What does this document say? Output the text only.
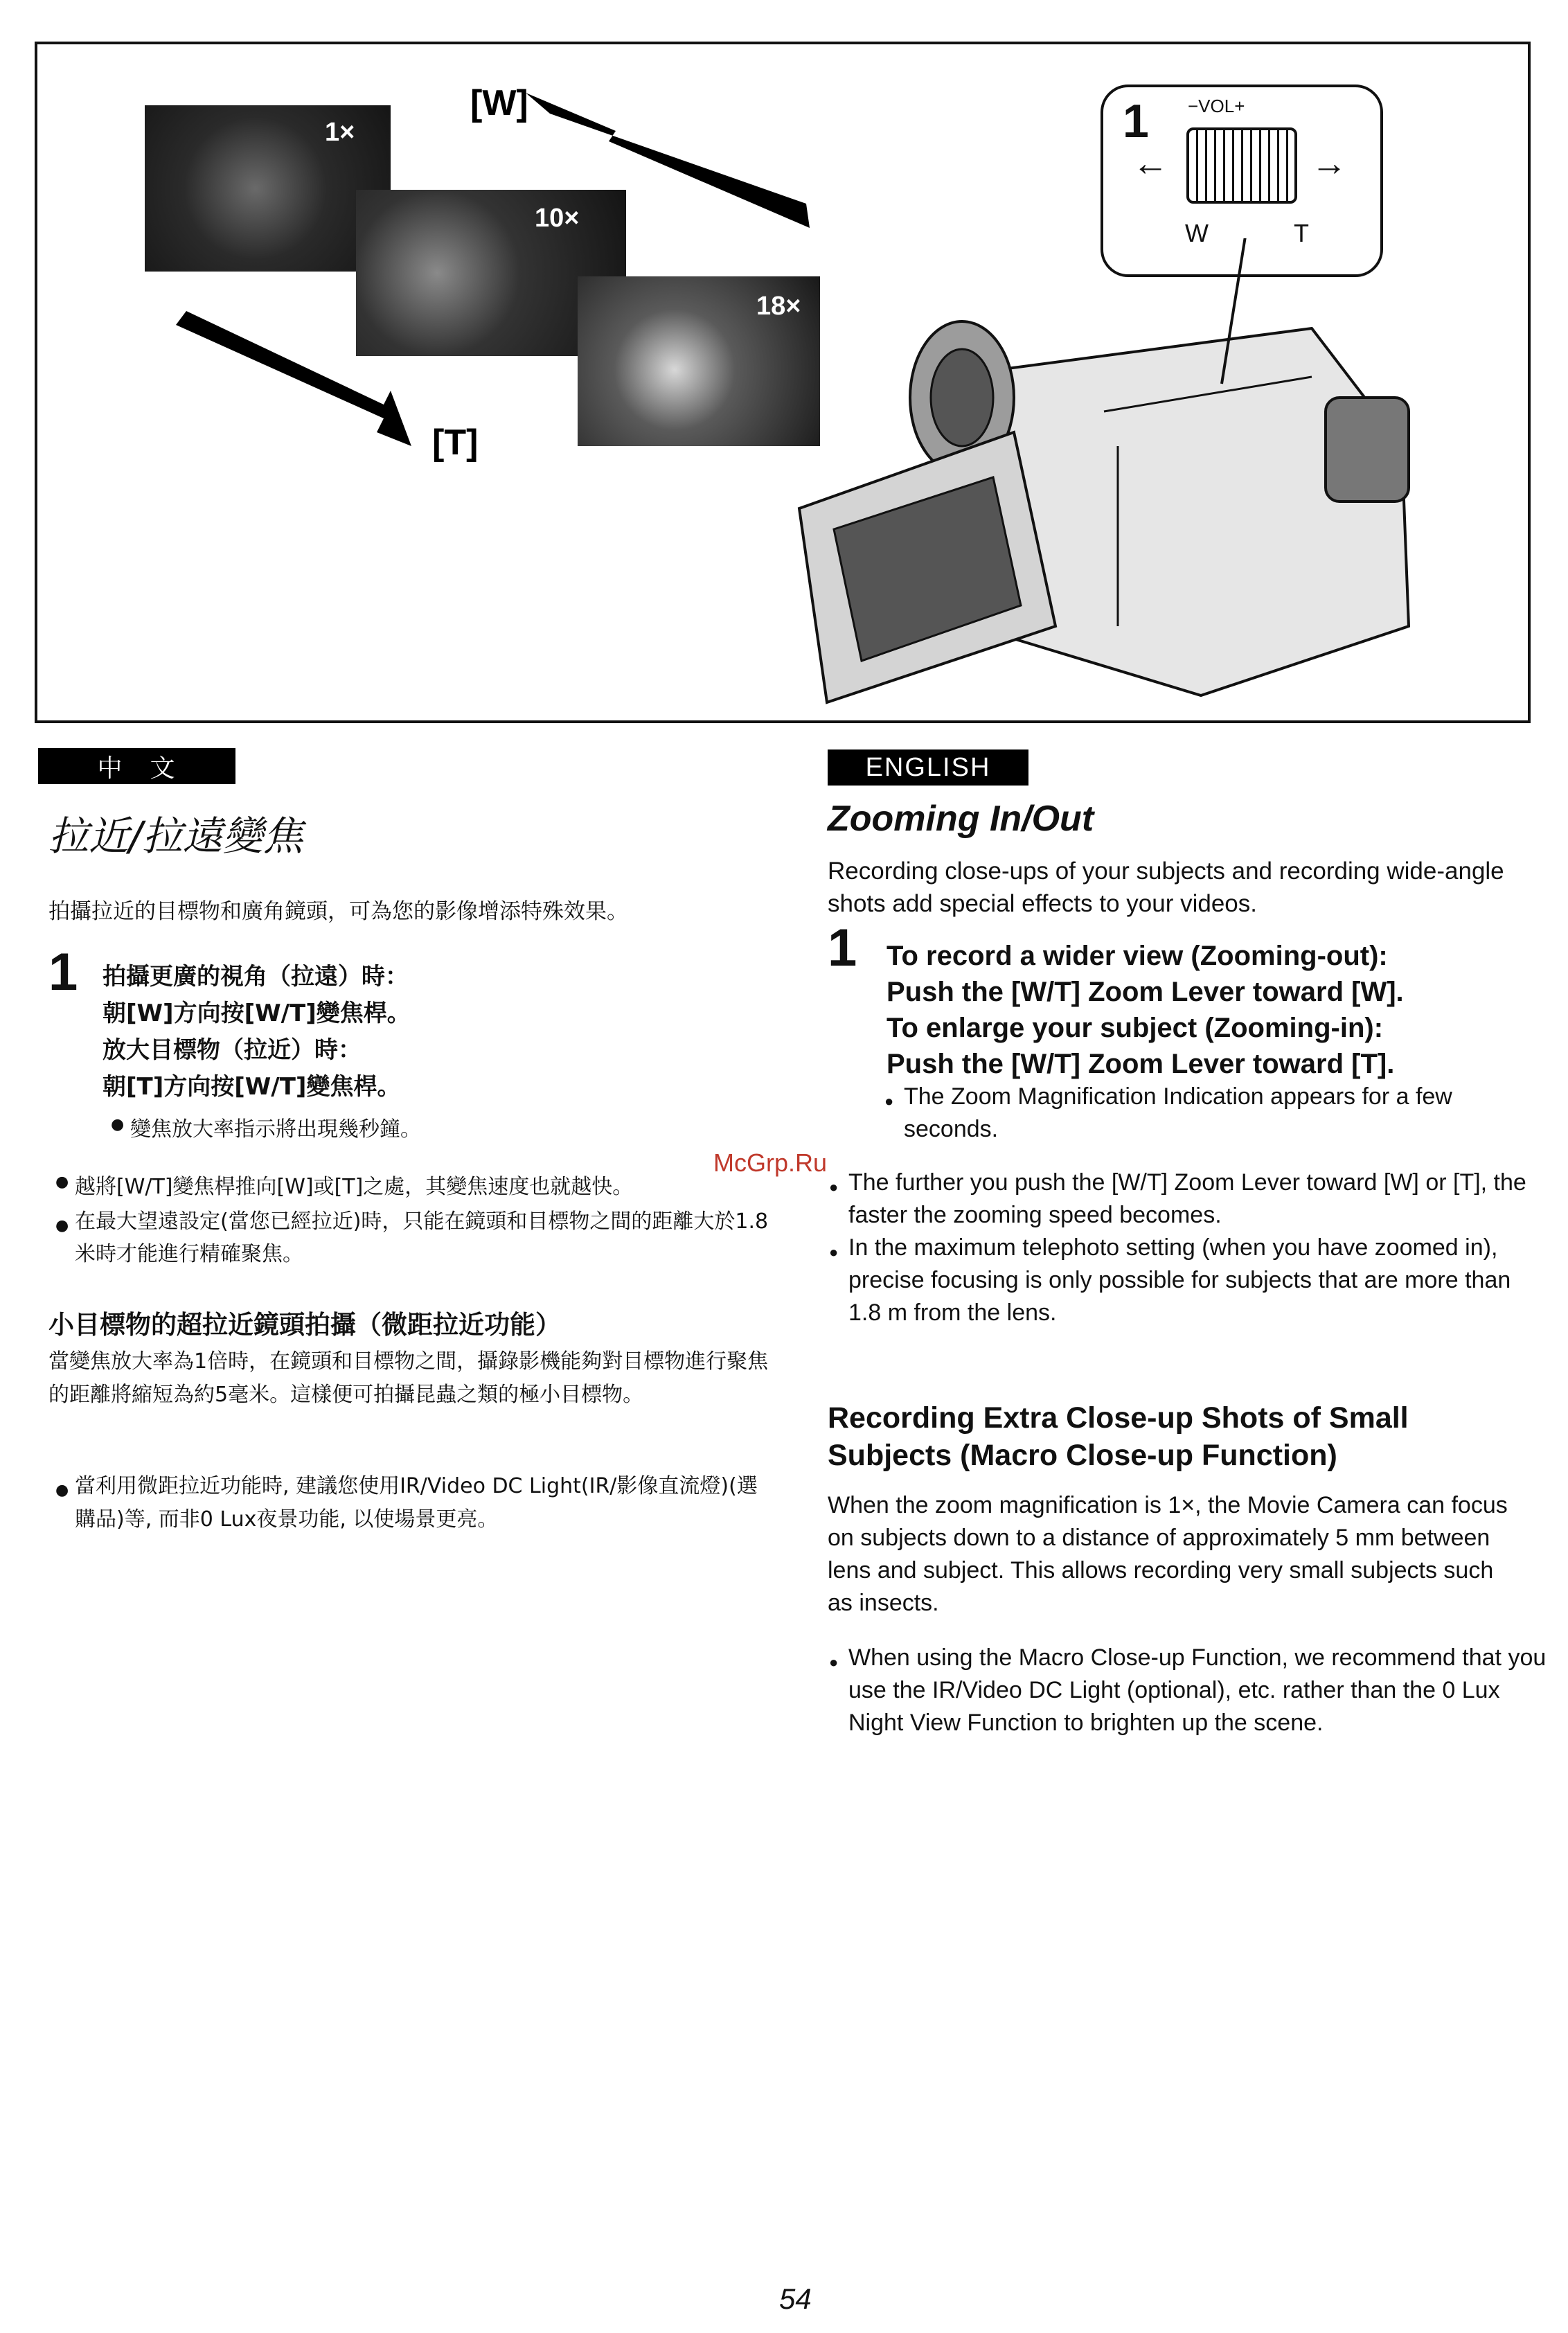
1×
10×
18×
[W]
[T]
1 −VOL+
←	→
W	T
中　文
拉近/拉遠變焦

拍攝拉近的目標物和廣角鏡頭，可為您的影像增添特殊效果。

1 拍攝更廣的視角（拉遠）時：
朝[W]方向按[W/T]變焦桿。
放大目標物（拉近）時：
朝[T]方向按[W/T]變焦桿。

● 變焦放大率指示將出現幾秒鐘。

● 越將[W/T]變焦桿推向[W]或[T]之處，其變焦速度也就越快。

● 在最大望遠設定(當您已經拉近)時，只能在鏡頭和目標物之間的距離大於1.8米時才能進行精確聚焦。

小目標物的超拉近鏡頭拍攝（微距拉近功能）

當變焦放大率為1倍時，在鏡頭和目標物之間，攝錄影機能夠對目標物進行聚焦的距離將縮短為約5毫米。這樣便可拍攝昆蟲之類的極小目標物。

● 當利用微距拉近功能時, 建議您使用IR/Video DC Light(IR/影像直流燈)(選購品)等, 而非0 Lux夜景功能, 以使場景更亮。

McGrp.Ru
ENGLISH
Zooming In/Out

Recording close-ups of your subjects and recording wide-angle shots add special effects to your videos.

1 To record a wider view (Zooming-out):
Push the [W/T] Zoom Lever toward [W].
To enlarge your subject (Zooming-in):
Push the [W/T] Zoom Lever toward [T].

● The Zoom Magnification Indication appears for a few seconds.

● The further you push the [W/T] Zoom Lever toward [W] or [T], the faster the zooming speed becomes.

● In the maximum telephoto setting (when you have zoomed in), precise focusing is only possible for subjects that are more than 1.8 m from the lens.

Recording Extra Close-up Shots of Small Subjects (Macro Close-up Function)

When the zoom magnification is 1×, the Movie Camera can focus on subjects down to a distance of approximately 5 mm between lens and subject. This allows recording very small subjects such as insects.

● When using the Macro Close-up Function, we recommend that you use the IR/Video DC Light (optional), etc. rather than the 0 Lux Night View Function to brighten up the scene.

54
